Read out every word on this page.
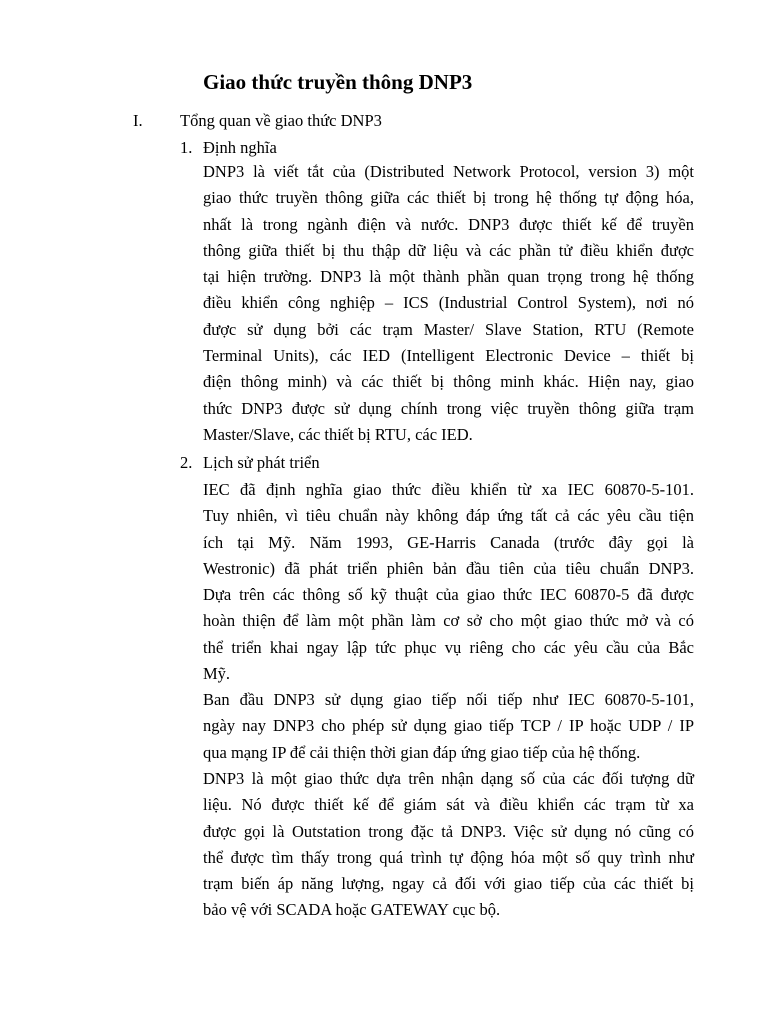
Giao thức truyền thông DNP3
I. Tổng quan về giao thức DNP3
1. Định nghĩa
DNP3 là viết tắt của (Distributed Network Protocol, version 3) một
giao thức truyền thông giữa các thiết bị trong hệ thống tự động hóa,
nhất là trong ngành điện và nước. DNP3 được thiết kế để truyền
thông giữa thiết bị thu thập dữ liệu và các phần tử điều khiển được
tại hiện trường. DNP3 là một thành phần quan trọng trong hệ thống
điều khiển công nghiệp – ICS (Industrial Control System), nơi nó
được sử dụng bởi các trạm Master/ Slave Station, RTU (Remote
Terminal Units), các IED (Intelligent Electronic Device – thiết bị
điện thông minh) và các thiết bị thông minh khác. Hiện nay, giao
thức DNP3 được sử dụng chính trong việc truyền thông giữa trạm
Master/Slave, các thiết bị RTU, các IED.
2. Lịch sử phát triển
IEC đã định nghĩa giao thức điều khiển từ xa IEC 60870-5-101.
Tuy nhiên, vì tiêu chuẩn này không đáp ứng tất cả các yêu cầu tiện
ích tại Mỹ. Năm 1993, GE-Harris Canada (trước đây gọi là
Westronic) đã phát triển phiên bản đầu tiên của tiêu chuẩn DNP3.
Dựa trên các thông số kỹ thuật của giao thức IEC 60870-5 đã được
hoàn thiện để làm một phần làm cơ sở cho một giao thức mở và có
thể triển khai ngay lập tức phục vụ riêng cho các yêu cầu của Bắc
Mỹ.
Ban đầu DNP3 sử dụng giao tiếp nối tiếp như IEC 60870-5-101,
ngày nay DNP3 cho phép sử dụng giao tiếp TCP / IP hoặc UDP / IP
qua mạng IP để cải thiện thời gian đáp ứng giao tiếp của hệ thống.
DNP3 là một giao thức dựa trên nhận dạng số của các đối tượng dữ
liệu. Nó được thiết kế để giám sát và điều khiển các trạm từ xa
được gọi là Outstation trong đặc tả DNP3. Việc sử dụng nó cũng có
thể được tìm thấy trong quá trình tự động hóa một số quy trình như
trạm biến áp năng lượng, ngay cả đối với giao tiếp của các thiết bị
bảo vệ với SCADA hoặc GATEWAY cục bộ.
